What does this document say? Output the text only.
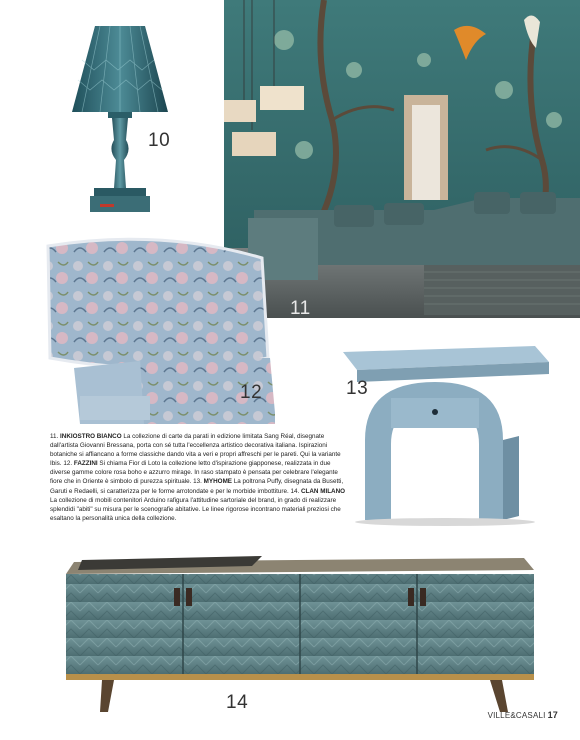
10
11
12	13
11. INKIOSTRO BIANCO La collezione di carte da parati in edizione limitata Sang Réal, disegnate dall'artista Giovanni Bressana, porta con sé tutta l'eccellenza artistico decorativa italiana. Ispirazioni botaniche si affiancano a forme classiche dando vita a veri e propri affreschi per le pareti. Qui la variante Ibis. 12. FAZZINI Si chiama Fior di Loto la collezione letto d'ispirazione giapponese, realizzata in due diverse gamme colore rosa boho e azzurro mirage. In raso stampato è pensata per celebrare l'elegante fiore che in Oriente è simbolo di purezza spirituale. 13. MYHOME La poltrona Puffy, disegnata da Busetti, Garuti e Redaelli, si caratterizza per le forme arrotondate e per le morbide imbottiture. 14. CLAN MILANO La collezione di mobili contenitori Arduino rafigura l'attitudine sartoriale del brand, in grado di realizzare splendidi "abiti" su misura per le scenografie abitative. Le linee rigorose incontrano materiali preziosi che esaltano la personalità unica della collezione.
14
VILLE&CASALI 17
